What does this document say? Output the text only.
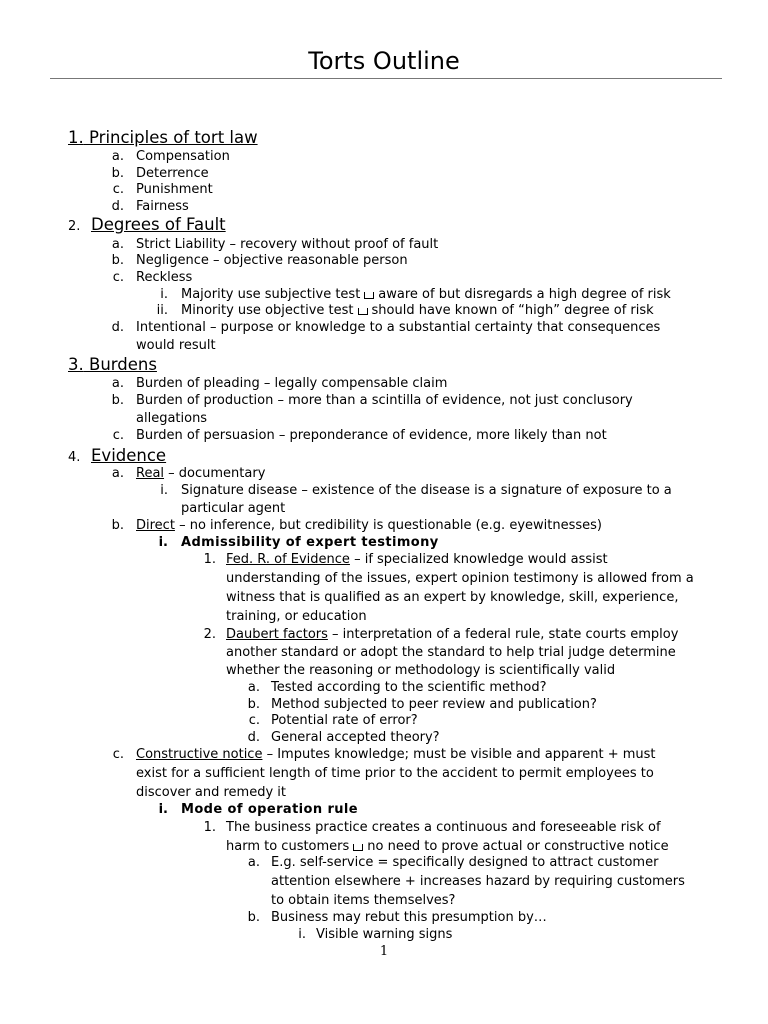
Torts Outline
1. Principles of tort law
a. Compensation
b. Deterrence
c. Punishment
d. Fairness
2. Degrees of Fault
a. Strict Liability – recovery without proof of fault
b. Negligence – objective reasonable person
c. Reckless
i. Majority use subjective test aware of but disregards a high degree of risk
ii. Minority use objective test should have known of “high” degree of risk
d. Intentional – purpose or knowledge to a substantial certainty that consequences
would result
3. Burdens
a. Burden of pleading – legally compensable claim
b. Burden of production – more than a scintilla of evidence, not just conclusory
allegations
c. Burden of persuasion – preponderance of evidence, more likely than not
4. Evidence
a. Real – documentary
i. Signature disease – existence of the disease is a signature of exposure to a
particular agent
b. Direct – no inference, but credibility is questionable (e.g. eyewitnesses)
i. Admissibility of expert testimony
1. Fed. R. of Evidence – if specialized knowledge would assist
understanding of the issues, expert opinion testimony is allowed from a
witness that is qualified as an expert by knowledge, skill, experience,
training, or education
2. Daubert factors – interpretation of a federal rule, state courts employ
another standard or adopt the standard to help trial judge determine
whether the reasoning or methodology is scientifically valid
a. Tested according to the scientific method?
b. Method subjected to peer review and publication?
c. Potential rate of error?
d. General accepted theory?
c. Constructive notice – Imputes knowledge; must be visible and apparent + must
exist for a sufficient length of time prior to the accident to permit employees to
discover and remedy it
i. Mode of operation rule
1. The business practice creates a continuous and foreseeable risk of
harm to customers no need to prove actual or constructive notice
a. E.g. self-service = specifically designed to attract customer
attention elsewhere + increases hazard by requiring customers
to obtain items themselves?
b. Business may rebut this presumption by…
i. Visible warning signs
1
